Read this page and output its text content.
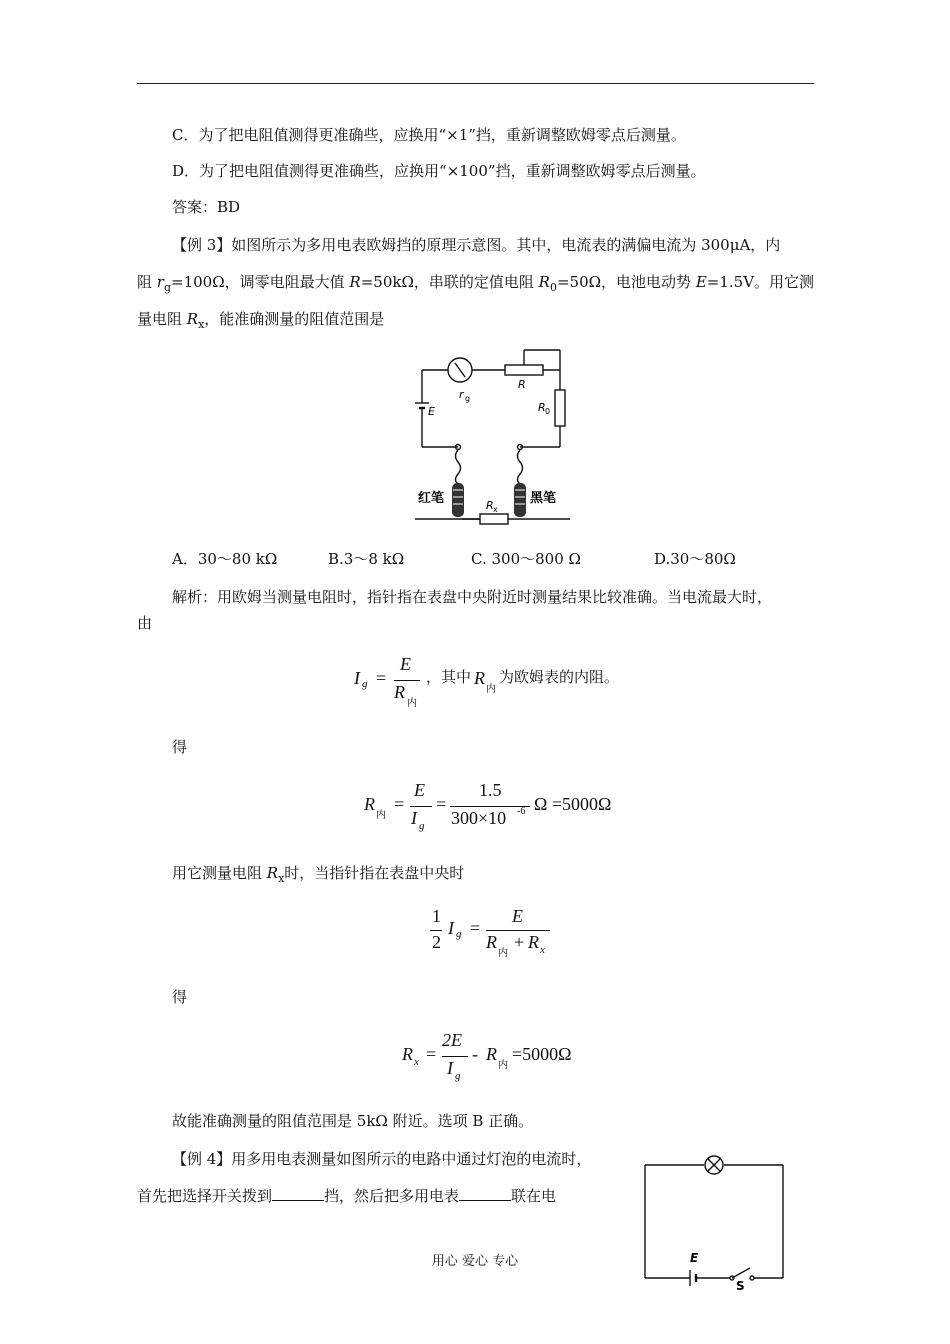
C．为了把电阻值测得更准确些，应换用“×1”挡，重新调整欧姆零点后测量。
D．为了把电阻值测得更准确些，应换用“×100”挡，重新调整欧姆零点后测量。
答案：BD
【例 3】如图所示为多用电表欧姆挡的原理示意图。其中，电流表的满偏电流为 300μA，内
阻 $r_g=100\Omega$，调零电阻最大值 R=50kΩ，串联的定值电阻 $R_0=50\Omega$，电池电动势 E=1.5V。用它测
量电阻 $R_x$，能准确测量的阻值范围是
E
r g
R
R 0
红笔	黑笔
R x
A．30～80 kΩ	B.3～8 kΩ	C. 300～800 Ω	D.30～80Ω
解析：用欧姆当测量电阻时，指针指在表盘中央附近时测量结果比较准确。当电流最大时，
由
I g =
E
R
内
，其中 R
内
为欧姆表的内阻。
得
R
内
=
E
I g
=
1.5
300×10 -6 Ω =5000Ω
用它测量电阻 $R_x$时，当指针指在表盘中央时
1
2
I g =
E
R
内
+ R x
得
R x =
2E
I g
- R
内
=5000Ω
故能准确测量的阻值范围是 5kΩ 附近。选项 B 正确。
【例 4】用多用电表测量如图所示的电路中通过灯泡的电流时，
首先把选择开关拨到	挡，然后把多用电表	联在电
E
S
用心 爱心 专心
